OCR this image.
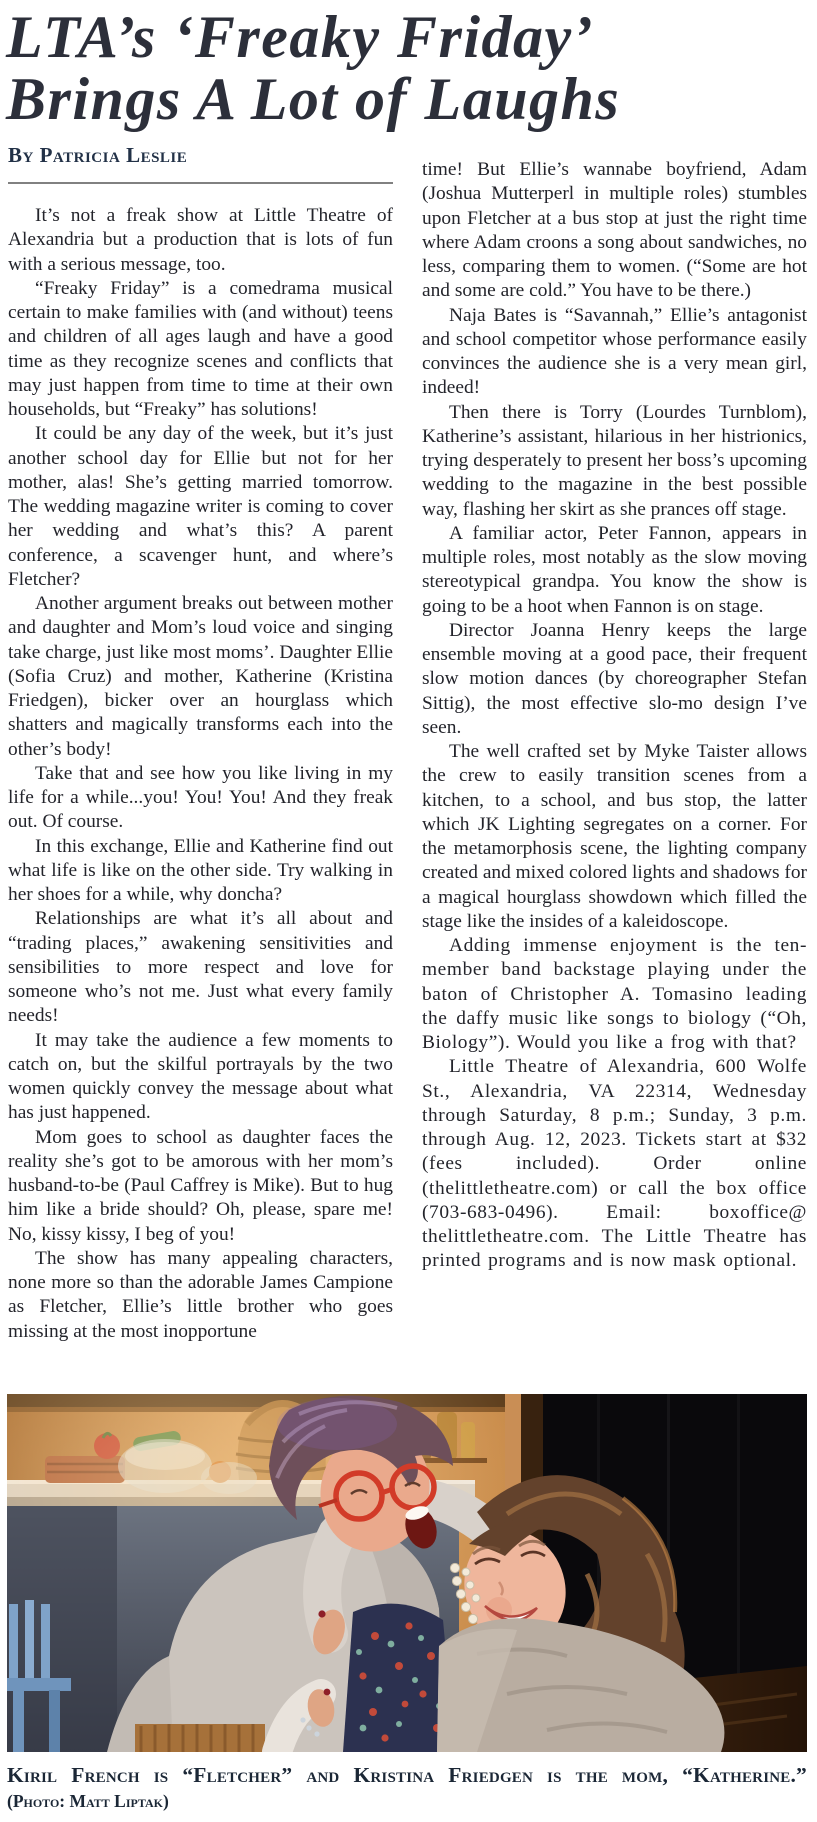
LTA’s ‘Freaky Friday’
Brings A Lot of Laughs
By Patricia Leslie

It’s not a freak show at Little Theatre of Alexandria but a production that is lots of fun with a serious message, too.

“Freaky Friday” is a comedrama musical certain to make families with (and without) teens and children of all ages laugh and have a good time as they recognize scenes and conflicts that may just happen from time to time at their own households, but “Freaky” has solutions!

It could be any day of the week, but it’s just another school day for Ellie but not for her mother, alas! She’s getting married tomorrow. The wedding magazine writer is coming to cover her wedding and what’s this? A parent conference, a scavenger hunt, and where’s Fletcher?

Another argument breaks out between mother and daughter and Mom’s loud voice and singing take charge, just like most moms’. Daughter Ellie (Sofia Cruz) and mother, Katherine (Kristina Friedgen), bicker over an hourglass which shatters and magically transforms each into the other’s body!

Take that and see how you like living in my life for a while...you! You! You! And they freak out. Of course.

In this exchange, Ellie and Katherine find out what life is like on the other side. Try walking in her shoes for a while, why doncha?

Relationships are what it’s all about and “trading places,” awakening sensitivities and sensibilities to more respect and love for someone who’s not me. Just what every family needs!

It may take the audience a few moments to catch on, but the skilful portrayals by the two women quickly convey the message about what has just happened.

Mom goes to school as daughter faces the reality she’s got to be amorous with her mom’s husband-to-be (Paul Caffrey is Mike). But to hug him like a bride should? Oh, please, spare me! No, kissy kissy, I beg of you!

The show has many appealing characters, none more so than the adorable James Campione as Fletcher, Ellie’s little brother who goes missing at the most inopportune

time! But Ellie’s wannabe boyfriend, Adam (Joshua Mutterperl in multiple roles) stumbles upon Fletcher at a bus stop at just the right time where Adam croons a song about sandwiches, no less, comparing them to women. (“Some are hot and some are cold.” You have to be there.)

Naja Bates is “Savannah,” Ellie’s antagonist and school competitor whose performance easily convinces the audience she is a very mean girl, indeed!

Then there is Torry (Lourdes Turnblom), Katherine’s assistant, hilarious in her histrionics, trying desperately to present her boss’s upcoming wedding to the magazine in the best possible way, flashing her skirt as she prances off stage.

A familiar actor, Peter Fannon, appears in multiple roles, most notably as the slow moving stereotypical grandpa. You know the show is going to be a hoot when Fannon is on stage.

Director Joanna Henry keeps the large ensemble moving at a good pace, their frequent slow motion dances (by choreographer Stefan Sittig), the most effective slo-mo design I’ve seen.

The well crafted set by Myke Taister allows the crew to easily transition scenes from a kitchen, to a school, and bus stop, the latter which JK Lighting segregates on a corner. For the metamorphosis scene, the lighting company created and mixed colored lights and shadows for a magical hourglass showdown which filled the stage like the insides of a kaleidoscope.

Adding immense enjoyment is the ten-member band backstage playing under the baton of Christopher A. Tomasino leading the daffy music like songs to biology (“Oh, Biology”). Would you like a frog with that?

Little Theatre of Alexandria, 600 Wolfe St., Alexandria, VA 22314, Wednesday through Saturday, 8 p.m.; Sunday, 3 p.m. through Aug. 12, 2023. Tickets start at $32 (fees included). Order online (thelittletheatre.com) or call the box office (703-683-0496). Email: boxoffice@ thelittletheatre.com. The Little Theatre has printed programs and is now mask optional.

Kiril French is “Fletcher” and Kristina Friedgen is the mom, “Katherine.”
(Photo: Matt Liptak)
